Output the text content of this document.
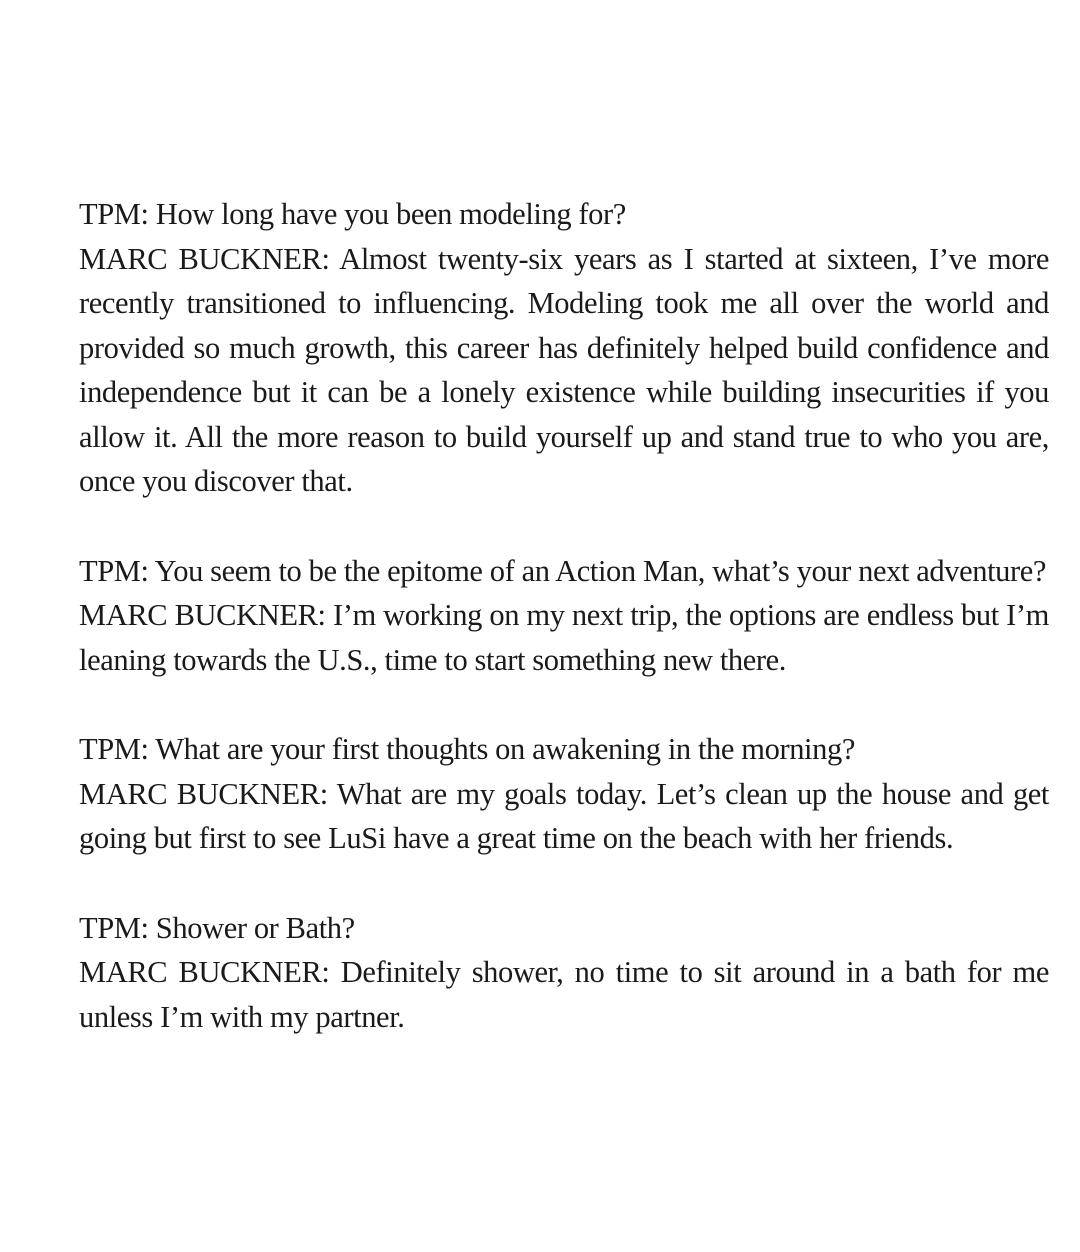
TPM: How long have you been modeling for?

MARC BUCKNER: Almost twenty-six years as I started at sixteen, I’ve more recently transitioned to influencing. Modeling took me all over the world and provided so much growth, this career has definitely helped build confidence and independence but it can be a lonely existence while building insecurities if you allow it. All the more reason to build yourself up and stand true to who you are, once you discover that.

TPM: You seem to be the epitome of an Action Man, what’s your next adventure?

MARC BUCKNER: I’m working on my next trip, the options are endless but I’m leaning towards the U.S., time to start something new there.

TPM: What are your first thoughts on awakening in the morning?

MARC BUCKNER: What are my goals today. Let’s clean up the house and get going but first to see LuSi have a great time on the beach with her friends.

TPM: Shower or Bath?

MARC BUCKNER: Definitely shower, no time to sit around in a bath for me unless I’m with my partner.
